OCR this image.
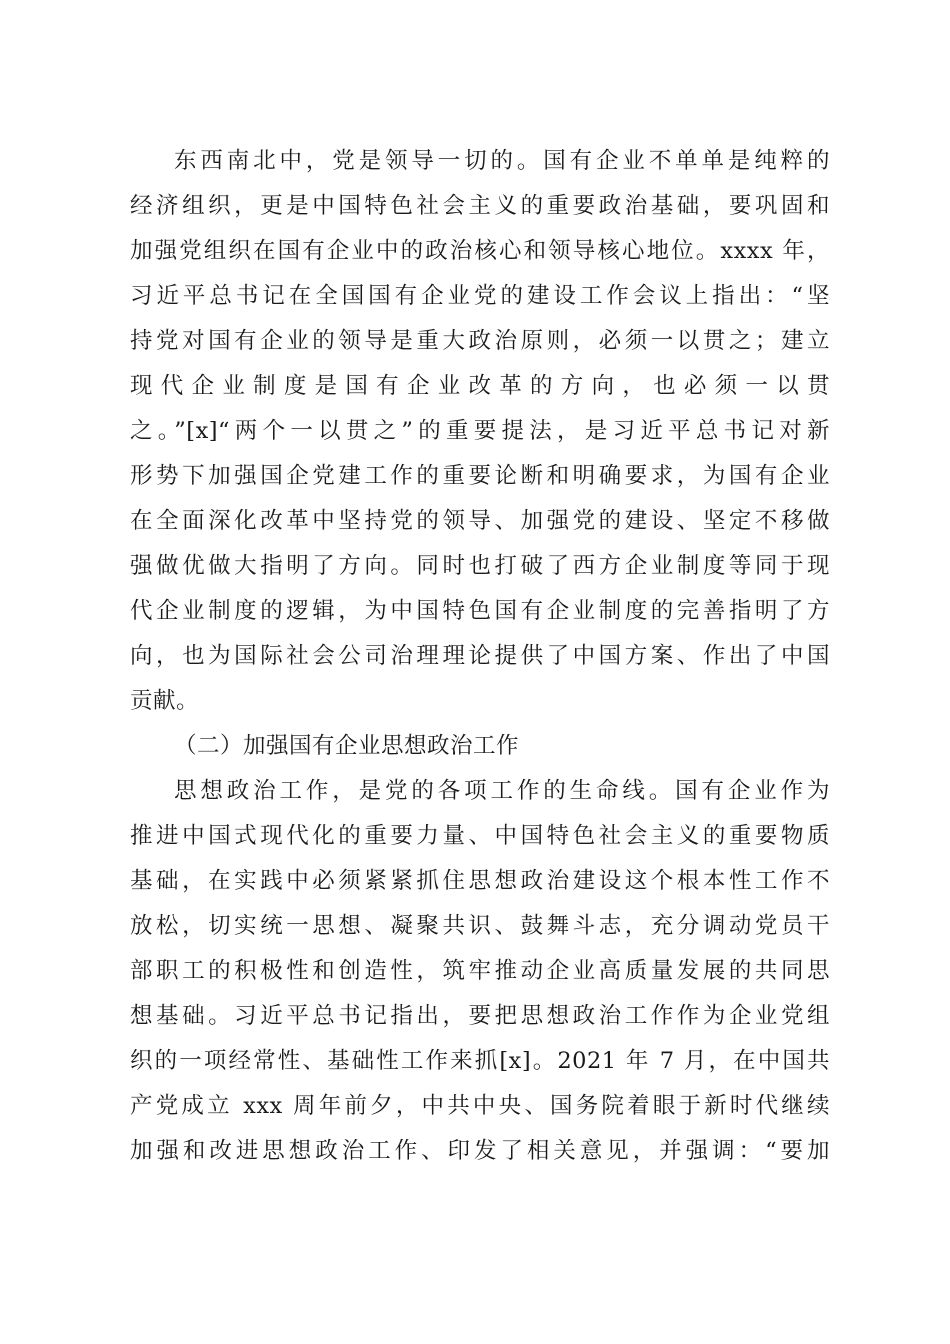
东西南北中，党是领导一切的。国有企业不单单是纯粹的
经济组织，更是中国特色社会主义的重要政治基础，要巩固和
加强党组织在国有企业中的政治核心和领导核心地位。xxxx 年，
习近平总书记在全国国有企业党的建设工作会议上指出：“坚
持党对国有企业的领导是重大政治原则，必须一以贯之；建立
现代企业制度是国有企业改革的方向，也必须一以贯
之。”[x]“两个一以贯之”的重要提法，是习近平总书记对新
形势下加强国企党建工作的重要论断和明确要求，为国有企业
在全面深化改革中坚持党的领导、加强党的建设、坚定不移做
强做优做大指明了方向。同时也打破了西方企业制度等同于现
代企业制度的逻辑，为中国特色国有企业制度的完善指明了方
向，也为国际社会公司治理理论提供了中国方案、作出了中国
贡献。
（二）加强国有企业思想政治工作
思想政治工作，是党的各项工作的生命线。国有企业作为
推进中国式现代化的重要力量、中国特色社会主义的重要物质
基础，在实践中必须紧紧抓住思想政治建设这个根本性工作不
放松，切实统一思想、凝聚共识、鼓舞斗志，充分调动党员干
部职工的积极性和创造性，筑牢推动企业高质量发展的共同思
想基础。习近平总书记指出，要把思想政治工作作为企业党组
织的一项经常性、基础性工作来抓[x]。2021 年 7 月，在中国共
产党成立 xxx 周年前夕，中共中央、国务院着眼于新时代继续
加强和改进思想政治工作、印发了相关意见，并强调：“要加
